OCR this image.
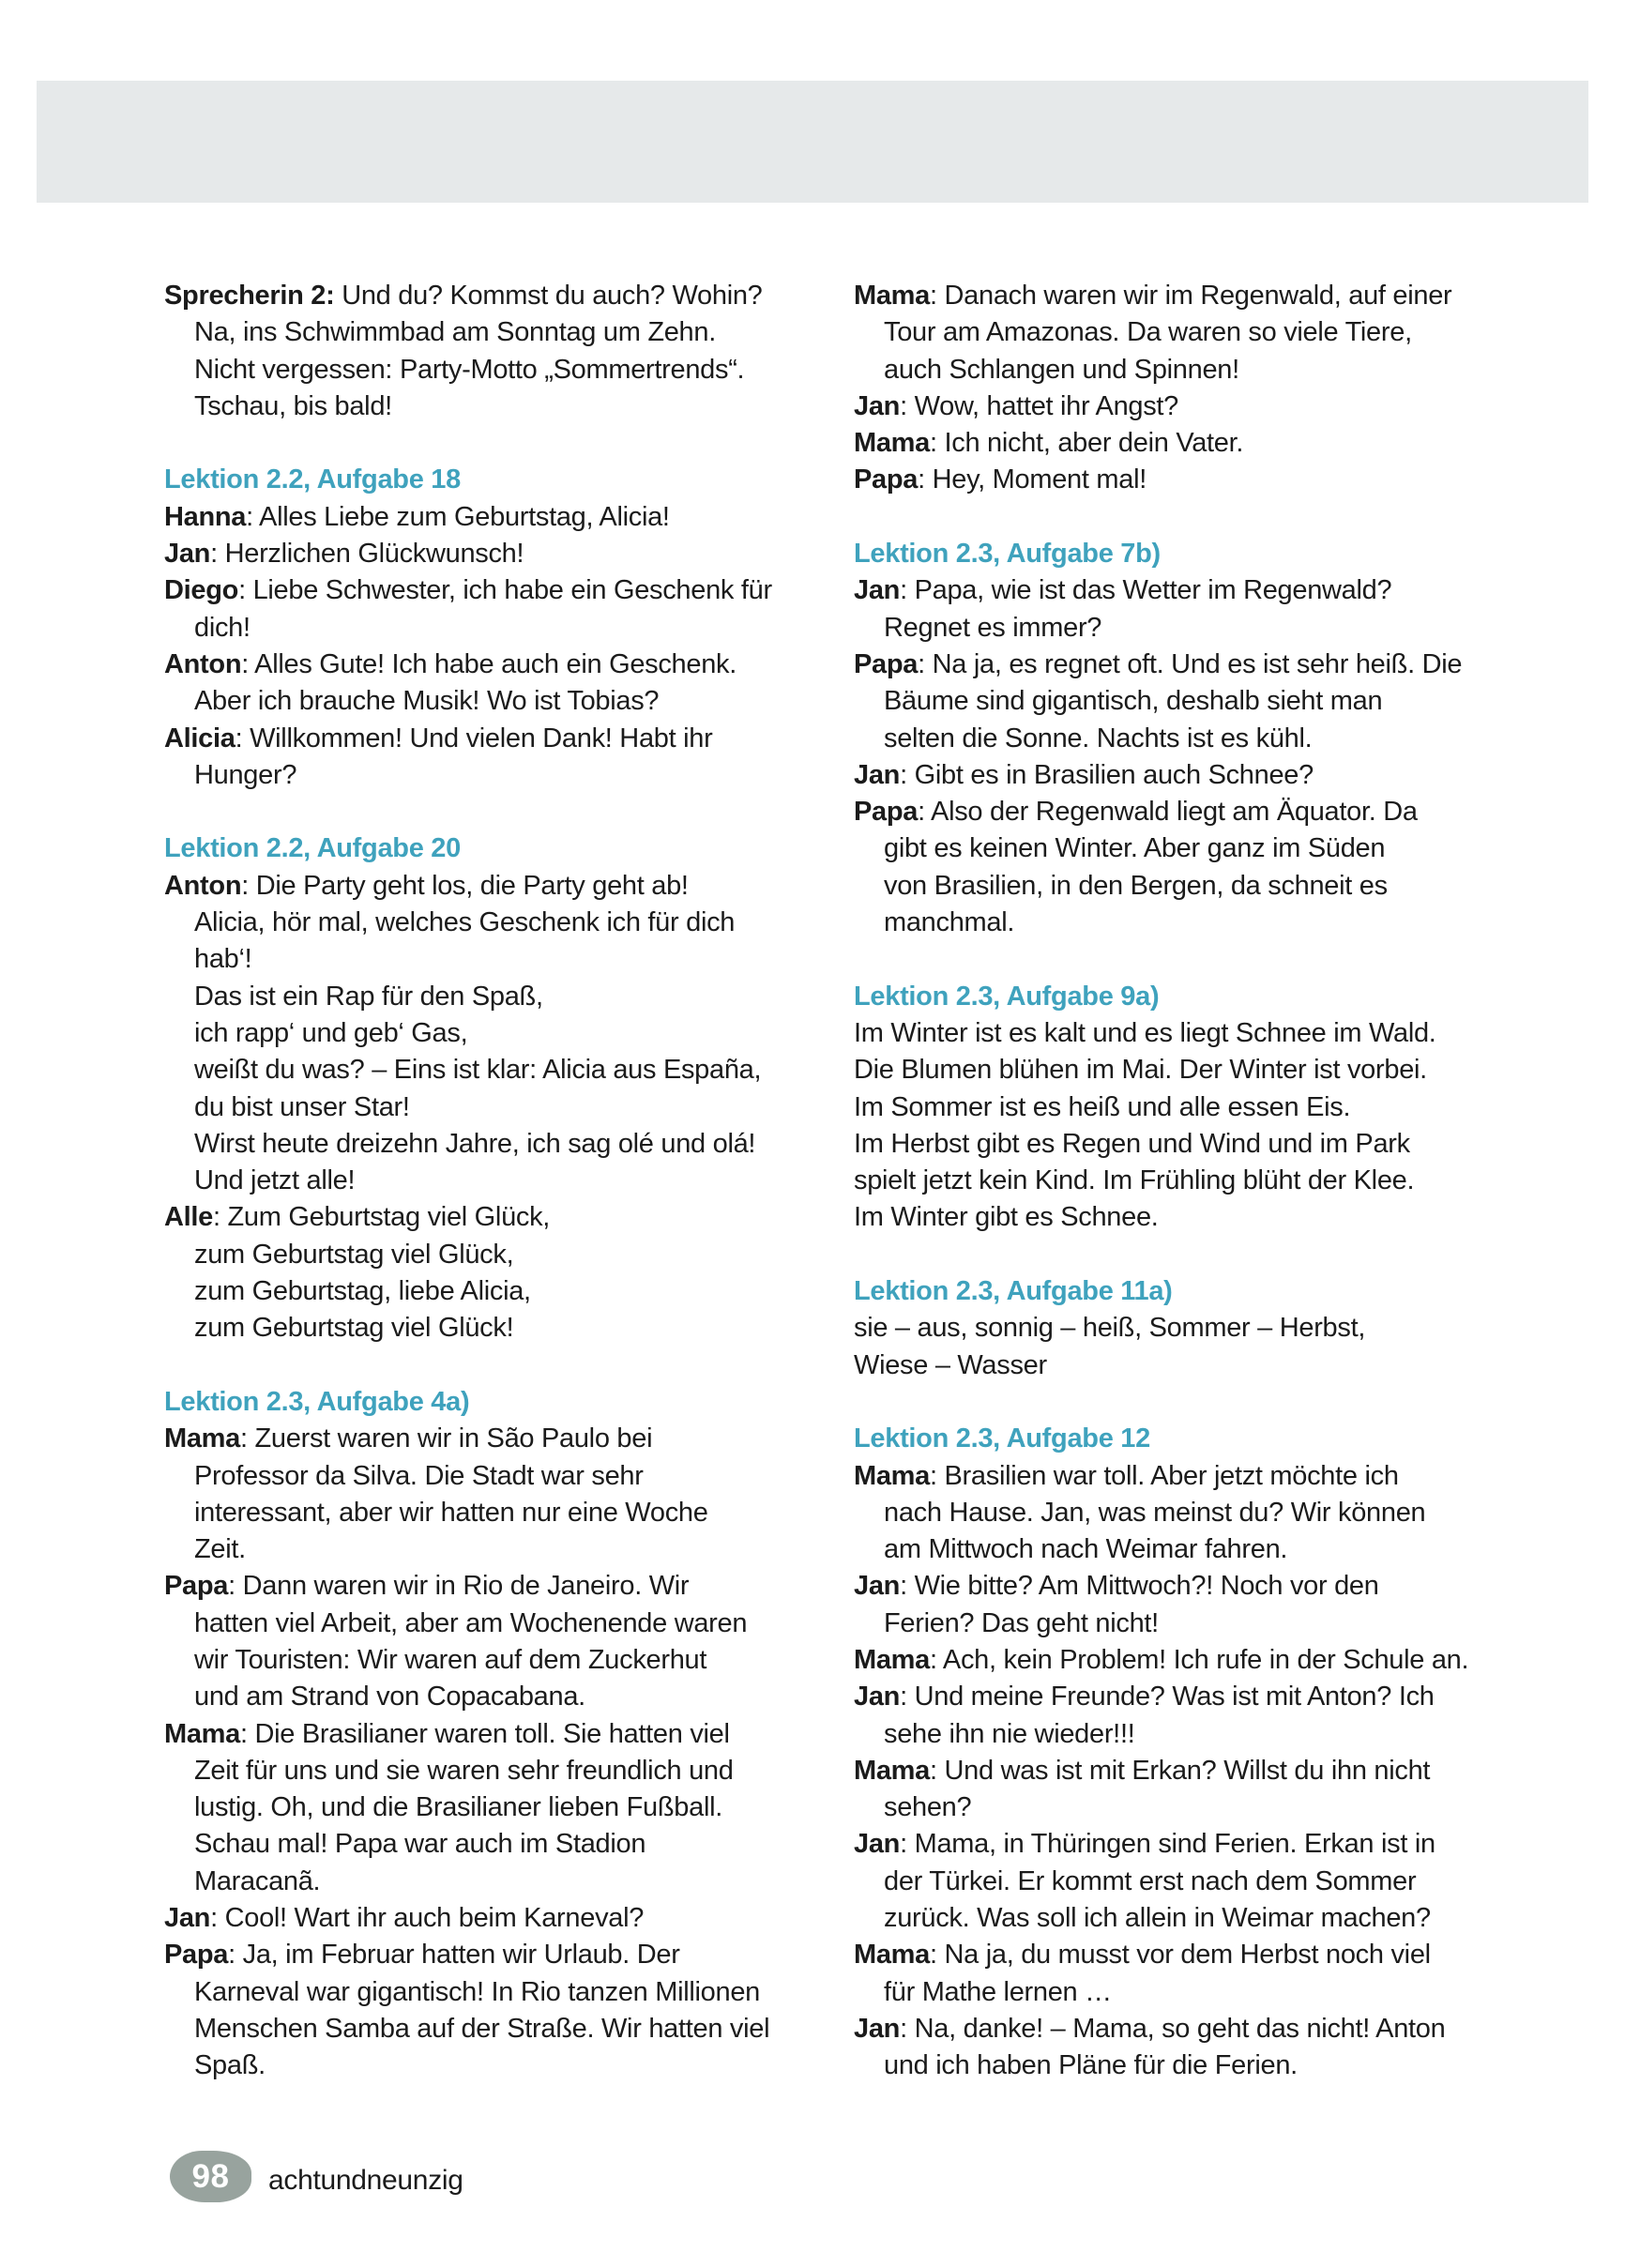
Sprecherin 2: Und du? Kommst du auch? Wohin?

Na, ins Schwimmbad am Sonntag um Zehn.

Nicht vergessen: Party-Motto „Sommertrends“.

Tschau, bis bald!

Lektion 2.2, Aufgabe 18

Hanna: Alles Liebe zum Geburtstag, Alicia!

Jan: Herzlichen Glückwunsch!

Diego: Liebe Schwester, ich habe ein Geschenk für

dich!

Anton: Alles Gute! Ich habe auch ein Geschenk.

Aber ich brauche Musik! Wo ist Tobias?

Alicia: Willkommen! Und vielen Dank! Habt ihr

Hunger?

Lektion 2.2, Aufgabe 20

Anton: Die Party geht los, die Party geht ab!

Alicia, hör mal, welches Geschenk ich für dich

hab‘!

Das ist ein Rap für den Spaß,

ich rapp‘ und geb‘ Gas,

weißt du was? – Eins ist klar: Alicia aus España,

du bist unser Star!

Wirst heute dreizehn Jahre, ich sag olé und olá!

Und jetzt alle!

Alle: Zum Geburtstag viel Glück,

zum Geburtstag viel Glück,

zum Geburtstag, liebe Alicia,

zum Geburtstag viel Glück!

Lektion 2.3, Aufgabe 4a)

Mama: Zuerst waren wir in São Paulo bei

Professor da Silva. Die Stadt war sehr

interessant, aber wir hatten nur eine Woche

Zeit.

Papa: Dann waren wir in Rio de Janeiro. Wir

hatten viel Arbeit, aber am Wochenende waren

wir Touristen: Wir waren auf dem Zuckerhut

und am Strand von Copacabana.

Mama: Die Brasilianer waren toll. Sie hatten viel

Zeit für uns und sie waren sehr freundlich und

lustig. Oh, und die Brasilianer lieben Fußball.

Schau mal! Papa war auch im Stadion

Maracanã.

Jan: Cool! Wart ihr auch beim Karneval?

Papa: Ja, im Februar hatten wir Urlaub. Der

Karneval war gigantisch! In Rio tanzen Millionen

Menschen Samba auf der Straße. Wir hatten viel

Spaß.

Mama: Danach waren wir im Regenwald, auf einer

Tour am Amazonas. Da waren so viele Tiere,

auch Schlangen und Spinnen!

Jan: Wow, hattet ihr Angst?

Mama: Ich nicht, aber dein Vater.

Papa: Hey, Moment mal!

Lektion 2.3, Aufgabe 7b)

Jan: Papa, wie ist das Wetter im Regenwald?

Regnet es immer?

Papa: Na ja, es regnet oft. Und es ist sehr heiß. Die

Bäume sind gigantisch, deshalb sieht man

selten die Sonne. Nachts ist es kühl.

Jan: Gibt es in Brasilien auch Schnee?

Papa: Also der Regenwald liegt am Äquator. Da

gibt es keinen Winter. Aber ganz im Süden

von Brasilien, in den Bergen, da schneit es

manchmal.

Lektion 2.3, Aufgabe 9a)

Im Winter ist es kalt und es liegt Schnee im Wald.

Die Blumen blühen im Mai. Der Winter ist vorbei.

Im Sommer ist es heiß und alle essen Eis.

Im Herbst gibt es Regen und Wind und im Park

spielt jetzt kein Kind. Im Frühling blüht der Klee.

Im Winter gibt es Schnee.

Lektion 2.3, Aufgabe 11a)

sie – aus, sonnig – heiß, Sommer – Herbst,

Wiese – Wasser

Lektion 2.3, Aufgabe 12

Mama: Brasilien war toll. Aber jetzt möchte ich

nach Hause. Jan, was meinst du? Wir können

am Mittwoch nach Weimar fahren.

Jan: Wie bitte? Am Mittwoch?! Noch vor den

Ferien? Das geht nicht!

Mama: Ach, kein Problem! Ich rufe in der Schule an.

Jan: Und meine Freunde? Was ist mit Anton? Ich

sehe ihn nie wieder!!!

Mama: Und was ist mit Erkan? Willst du ihn nicht

sehen?

Jan: Mama, in Thüringen sind Ferien. Erkan ist in

der Türkei. Er kommt erst nach dem Sommer

zurück. Was soll ich allein in Weimar machen?

Mama: Na ja, du musst vor dem Herbst noch viel

für Mathe lernen …

Jan: Na, danke! – Mama, so geht das nicht! Anton

und ich haben Pläne für die Ferien.

98 achtundneunzig
